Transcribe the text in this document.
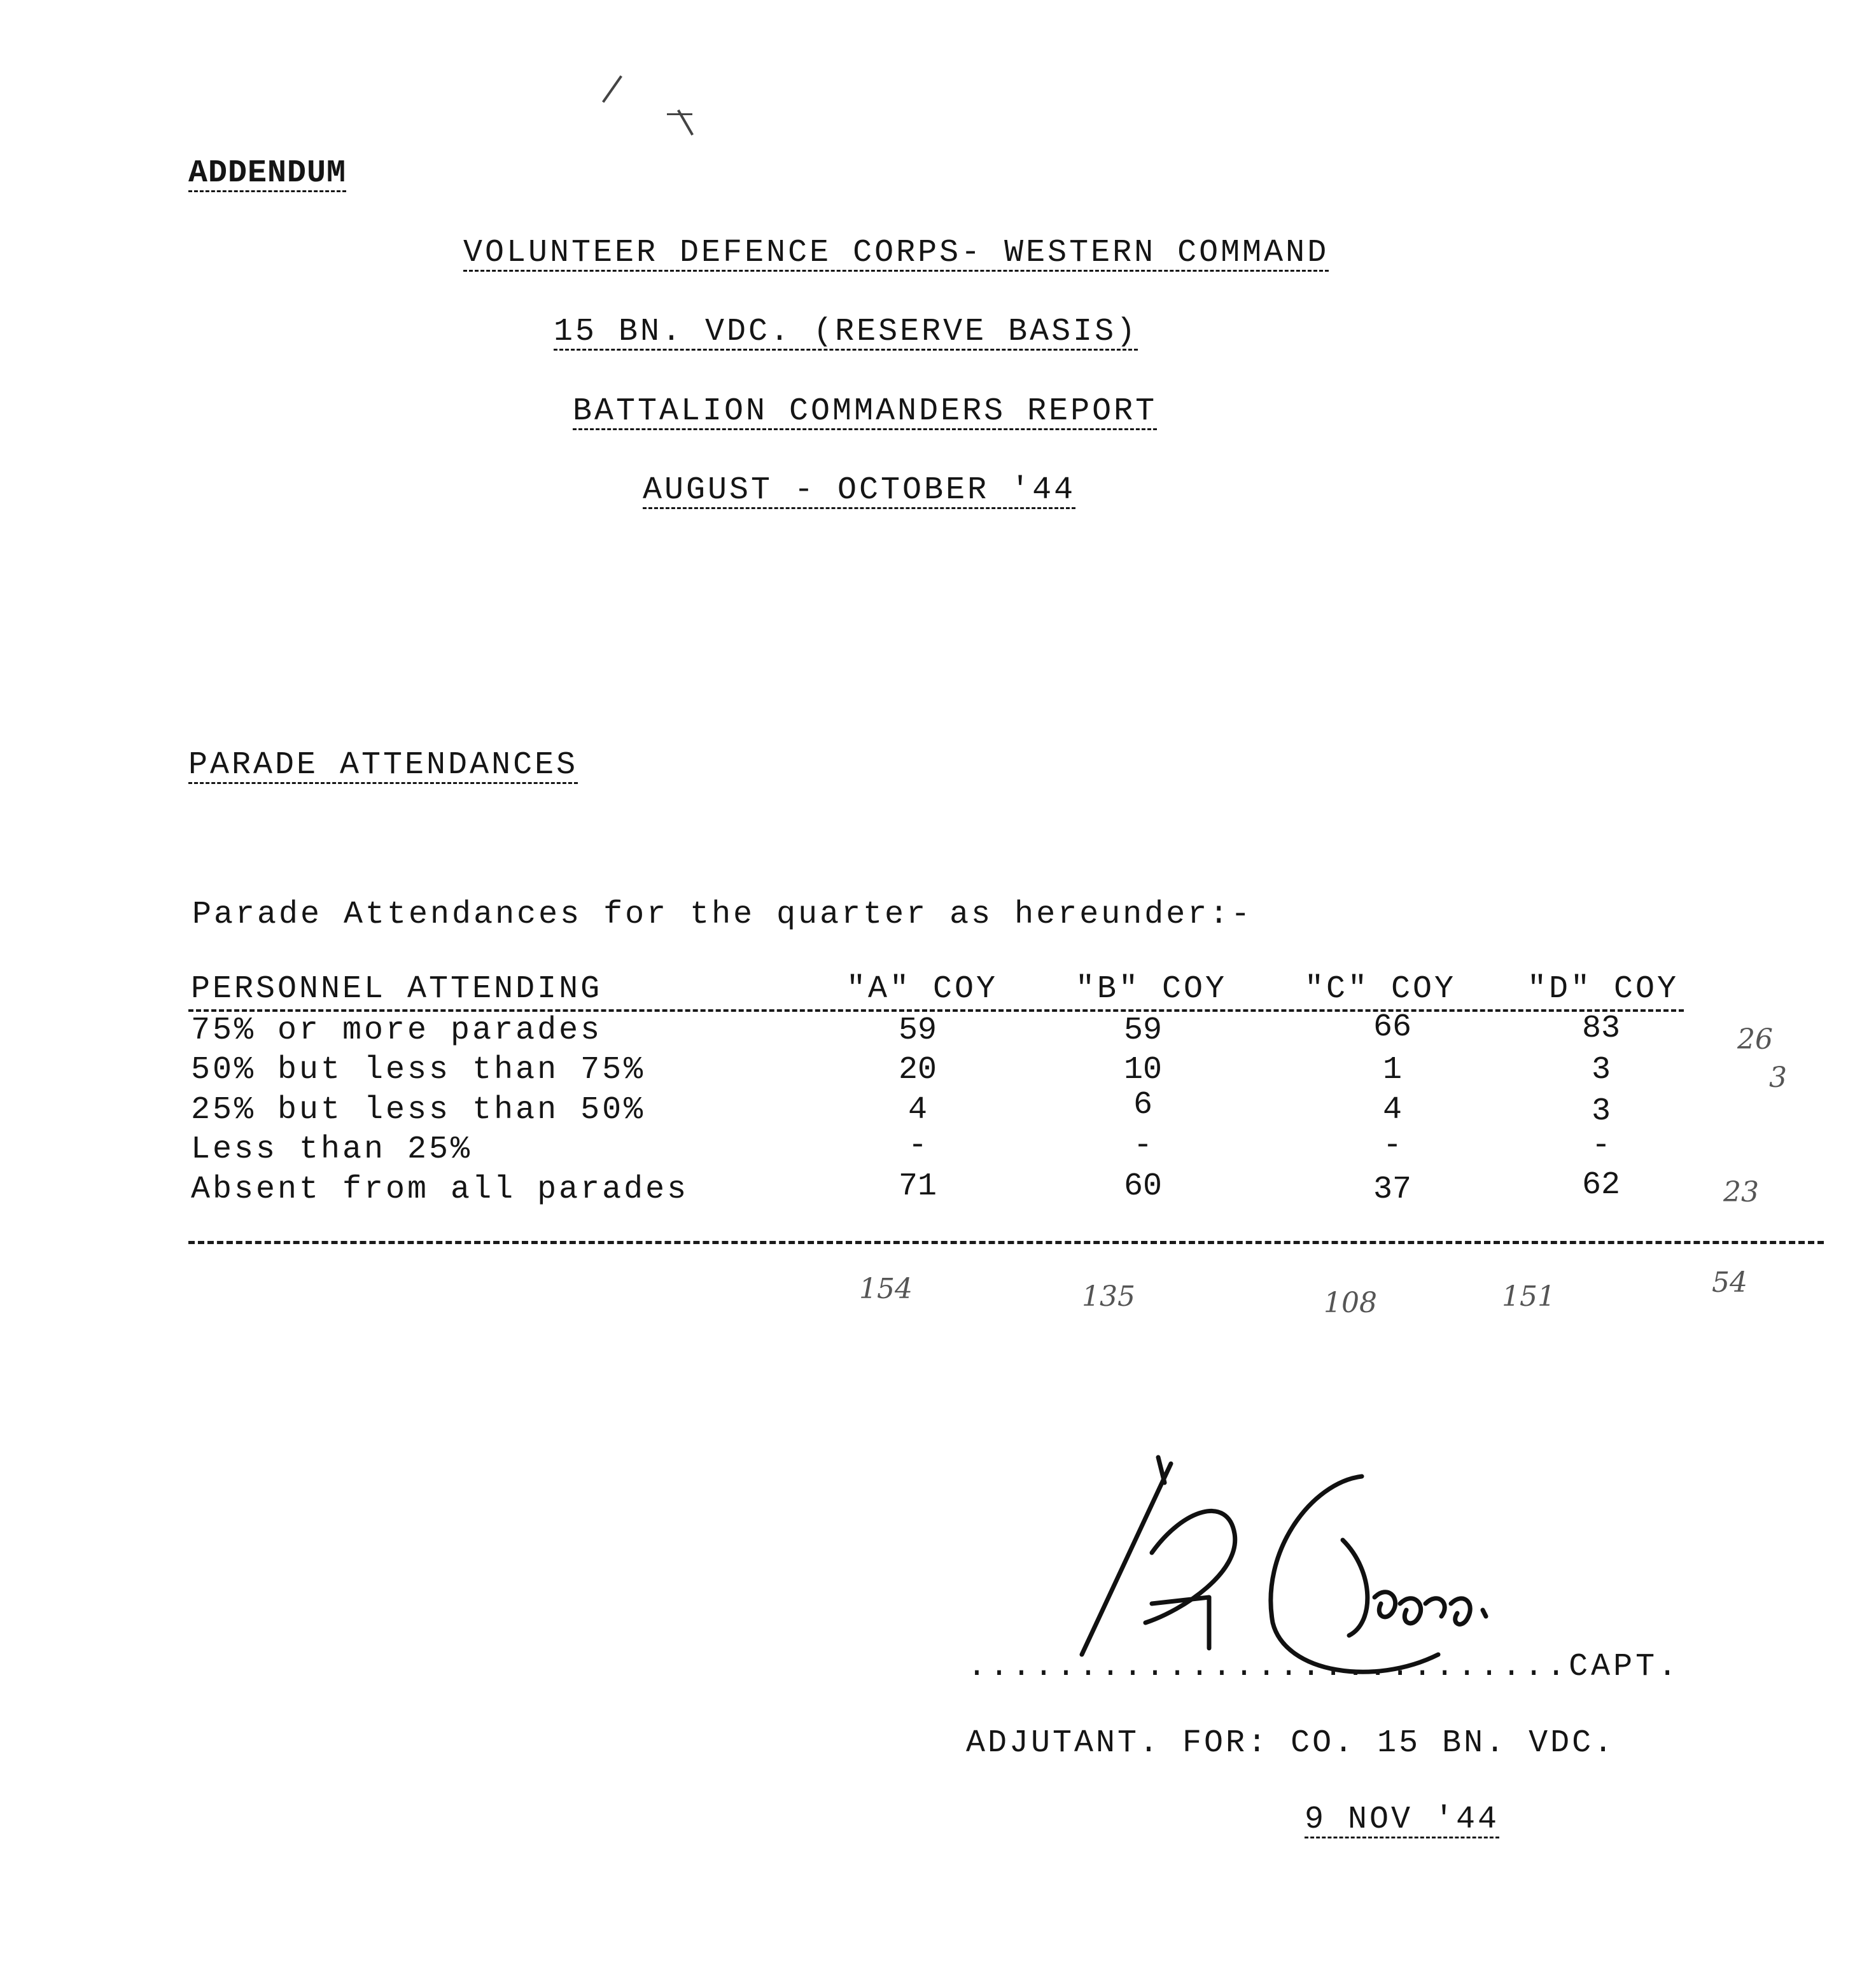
ADDENDUM
VOLUNTEER DEFENCE CORPS- WESTERN COMMAND
15 BN. VDC. (RESERVE BASIS)
BATTALION COMMANDERS REPORT
AUGUST - OCTOBER '44
PARADE ATTENDANCES
Parade Attendances for the quarter as hereunder:-
PERSONNEL ATTENDING	"A" COY "B" COY "C" COY "D" COY
75% or more parades	59	59	66	83	26
50% but less than 75%	20	10	1	3	3
25% but less than 50%	4	6	4	3
Less than 25%	-	-	-	-
Absent from all parades	71	60	37	62	23
154	135	108	151	54
...........................CAPT.
ADJUTANT. FOR: CO. 15 BN. VDC.
9 NOV '44
